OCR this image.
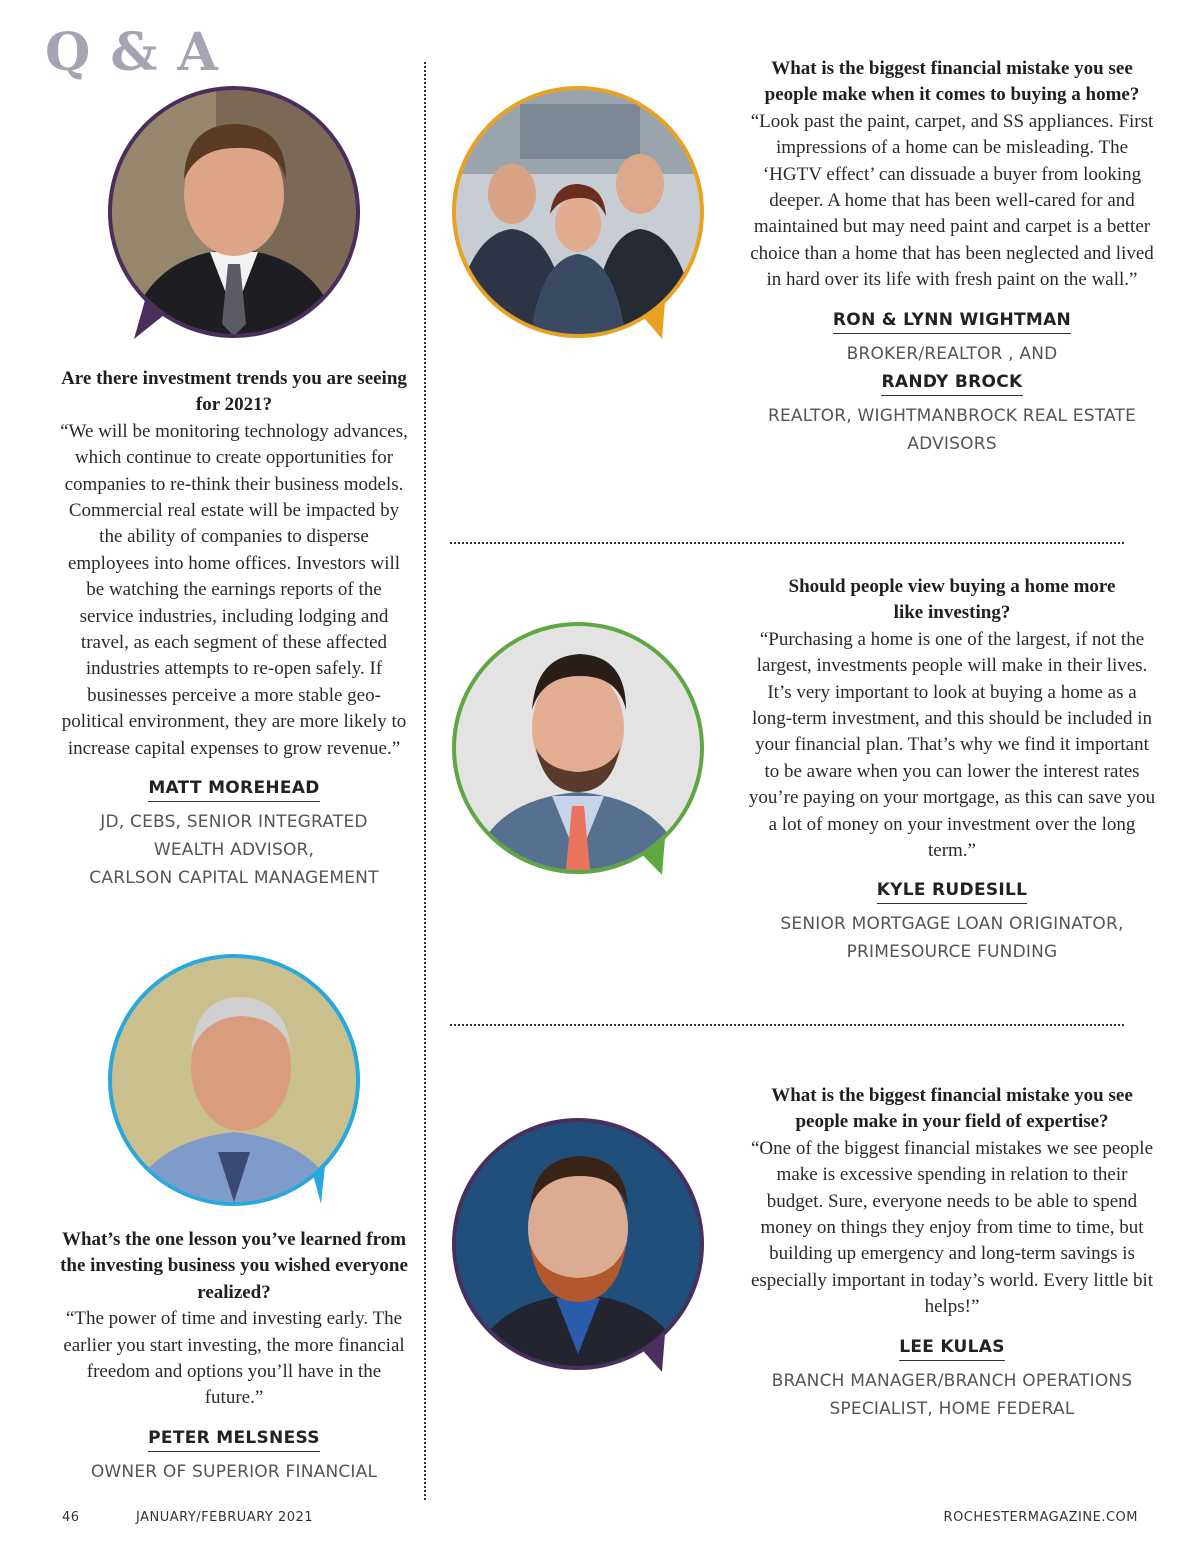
Q & A

Are there investment trends you are seeing for 2021?

“We will be monitoring technology advances, which continue to create opportunities for companies to re-think their business models. Commercial real estate will be impacted by the ability of companies to disperse employees into home offices. Investors will be watching the earnings reports of the service industries, including lodging and travel, as each segment of these affected industries attempts to re-open safely. If businesses perceive a more stable geo-political environment, they are more likely to increase capital expenses to grow revenue.”

MATT MOREHEAD

JD, CEBS, SENIOR INTEGRATED
WEALTH ADVISOR,
CARLSON CAPITAL MANAGEMENT

What’s the one lesson you’ve learned from the investing business you wished everyone realized?

“The power of time and investing early. The earlier you start investing, the more financial freedom and options you’ll have in the future.”

PETER MELSNESS

OWNER OF SUPERIOR FINANCIAL

What is the biggest financial mistake you see people make when it comes to buying a home?

“Look past the paint, carpet, and SS appliances. First impressions of a home can be misleading. The ‘HGTV effect’ can dissuade a buyer from looking deeper. A home that has been well-cared for and maintained but may need paint and carpet is a better choice than a home that has been neglected and lived in hard over its life with fresh paint on the wall.”

RON & LYNN WIGHTMAN

BROKER/REALTOR , AND

RANDY BROCK

REALTOR, WIGHTMANBROCK REAL ESTATE
ADVISORS

Should people view buying a home more like investing?

“Purchasing a home is one of the largest, if not the largest, investments people will make in their lives. It’s very important to look at buying a home as a long-term investment, and this should be included in your financial plan. That’s why we find it important to be aware when you can lower the interest rates you’re paying on your mortgage, as this can save you a lot of money on your investment over the long term.”

KYLE RUDESILL

SENIOR MORTGAGE LOAN ORIGINATOR,
PRIMESOURCE FUNDING

What is the biggest financial mistake you see people make in your field of expertise?

“One of the biggest financial mistakes we see people make is excessive spending in relation to their budget. Sure, everyone needs to be able to spend money on things they enjoy from time to time, but building up emergency and long-term savings is especially important in today’s world. Every little bit helps!”

LEE KULAS

BRANCH MANAGER/BRANCH OPERATIONS
SPECIALIST, HOME FEDERAL

46	JANUARY/FEBRUARY 2021	ROCHESTERMAGAZINE.COM
